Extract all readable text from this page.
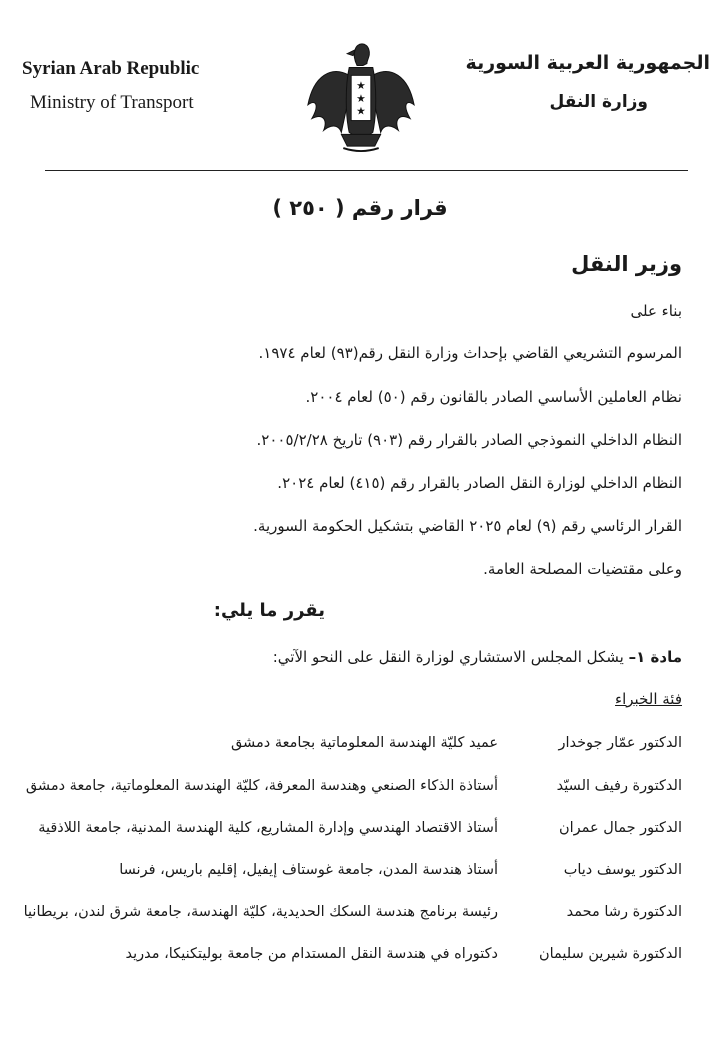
Syrian Arab Republic

Ministry of Transport

الجمهورية العربية السورية

وزارة النقل

★
★
★

قرار رقم ( ٢٥٠ )

وزير النقل

بناء على

المرسوم التشريعي القاضي بإحداث وزارة النقل رقم(٩٣) لعام ١٩٧٤.

نظام العاملين الأساسي الصادر بالقانون رقم (٥٠) لعام ٢٠٠٤.

النظام الداخلي النموذجي الصادر بالقرار رقم (٩٠٣) تاريخ ٢٠٠٥/٢/٢٨.

النظام الداخلي لوزارة النقل الصادر بالقرار رقم (٤١٥) لعام ٢٠٢٤.

القرار الرئاسي رقم (٩) لعام ٢٠٢٥ القاضي بتشكيل الحكومة السورية.

وعلى مقتضيات المصلحة العامة.

يقرر ما يلي:

مادة ١– يشكل المجلس الاستشاري لوزارة النقل على النحو الآتي:

فئة الخبراء

الدكتور عمّار جوخدار

عميد كليّة الهندسة المعلوماتية بجامعة دمشق

الدكتورة رفيف السيّد

أستاذة الذكاء الصنعي وهندسة المعرفة، كليّة الهندسة المعلوماتية، جامعة دمشق

الدكتور جمال عمران

أستاذ الاقتصاد الهندسي وإدارة المشاريع، كلية الهندسة المدنية، جامعة اللاذقية

الدكتور يوسف دياب

أستاذ هندسة المدن، جامعة غوستاف إيفيل، إقليم باريس، فرنسا

الدكتورة رشا محمد

رئيسة برنامج هندسة السكك الحديدية، كليّة الهندسة، جامعة شرق لندن، بريطانيا

الدكتورة شيرين سليمان

دكتوراه في هندسة النقل المستدام من جامعة بوليتكنيكا، مدريد
